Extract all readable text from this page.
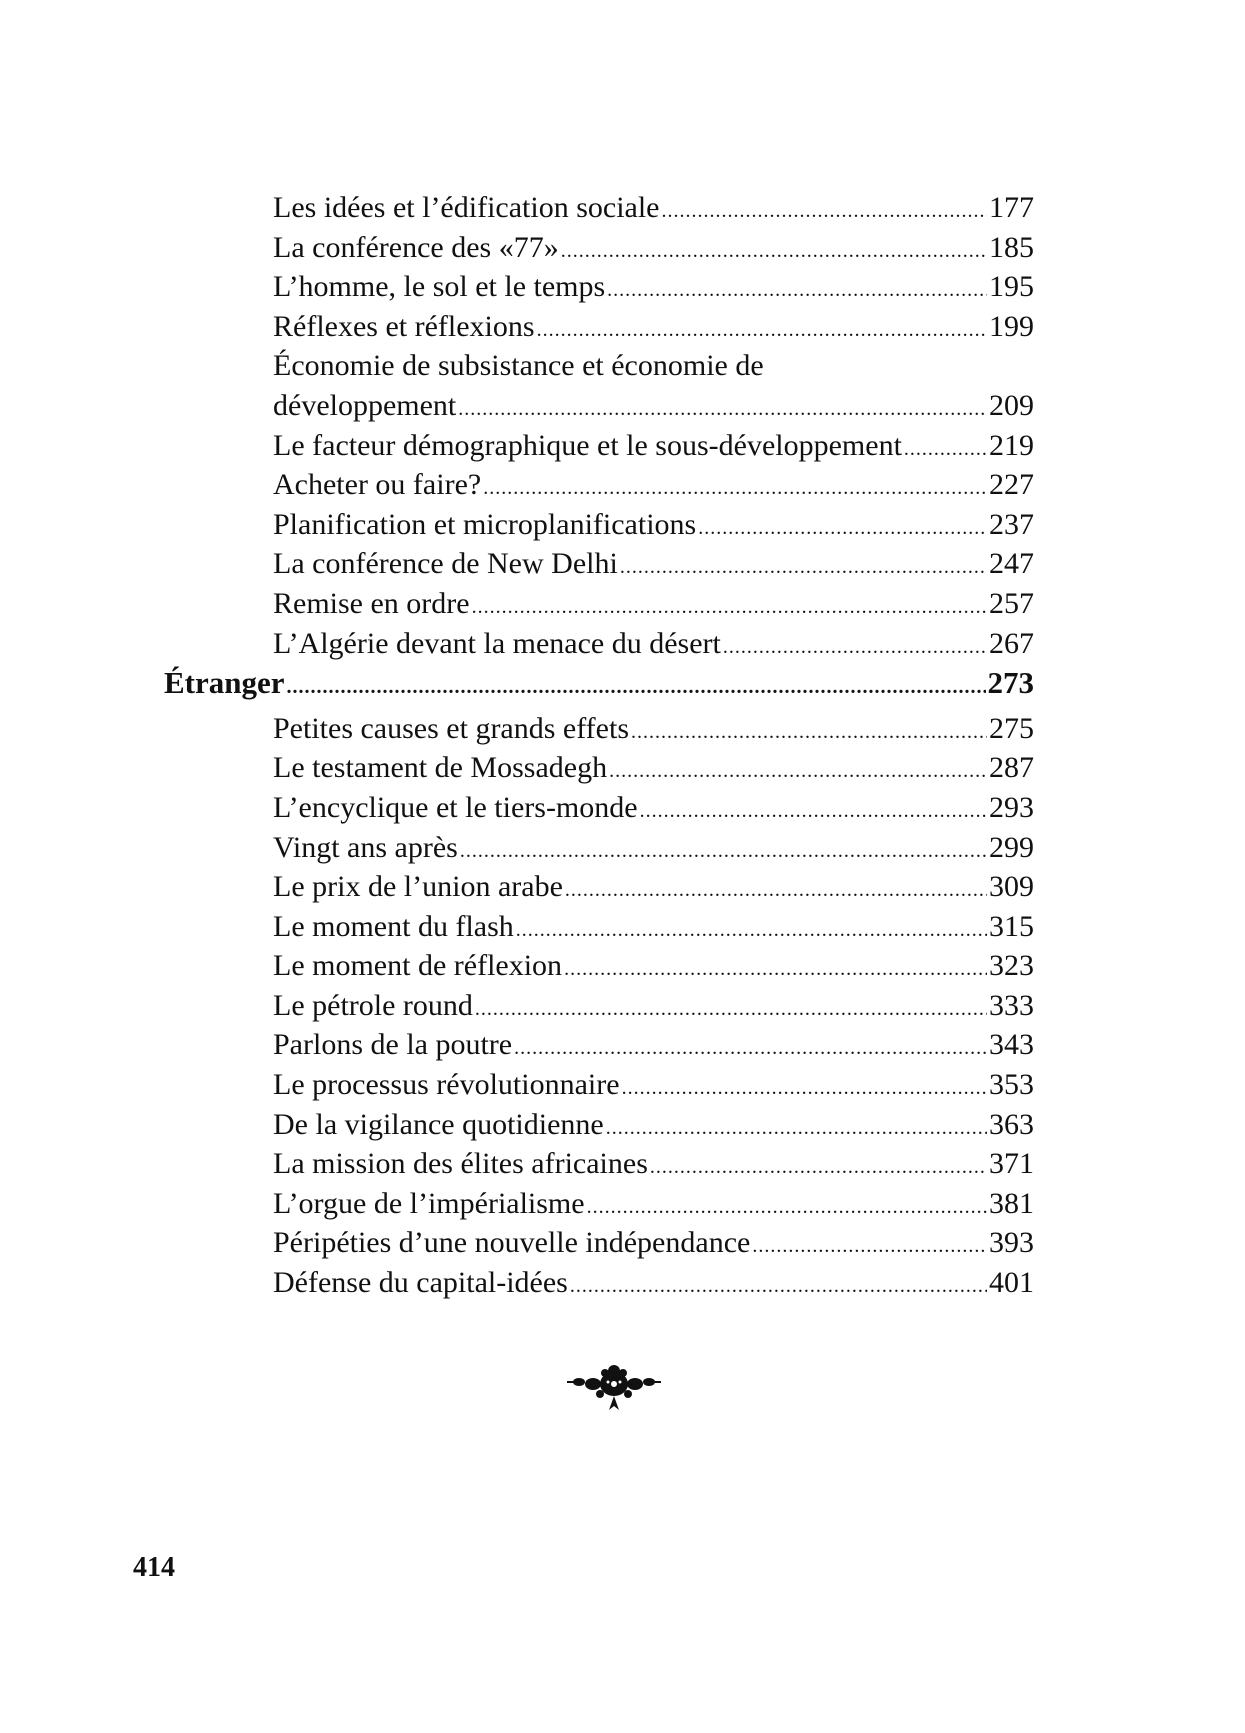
Les idées et l’édification sociale .....	177
La conférence des «77» .....	185
L’homme, le sol et le temps .....	195
Réflexes et réflexions .....	199
Économie de subsistance et économie de
développement .....	209
Le facteur démographique et le sous-développement .....	219
Acheter ou faire? .....	227
Planification et microplanifications .....	237
La conférence de New Delhi .....	247
Remise en ordre .....	257
L’Algérie devant la menace du désert .....	267
Étranger .....	273
Petites causes et grands effets .....	275
Le testament de Mossadegh .....	287
L’encyclique et le tiers-monde .....	293
Vingt ans après .....	299
Le prix de l’union arabe .....	309
Le moment du flash .....	315
Le moment de réflexion .....	323
Le pétrole round .....	333
Parlons de la poutre .....	343
Le processus révolutionnaire .....	353
De la vigilance quotidienne .....	363
La mission des élites africaines .....	371
L’orgue de l’impérialisme .....	381
Péripéties d’une nouvelle indépendance .....	393
Défense du capital-idées .....	401
414
